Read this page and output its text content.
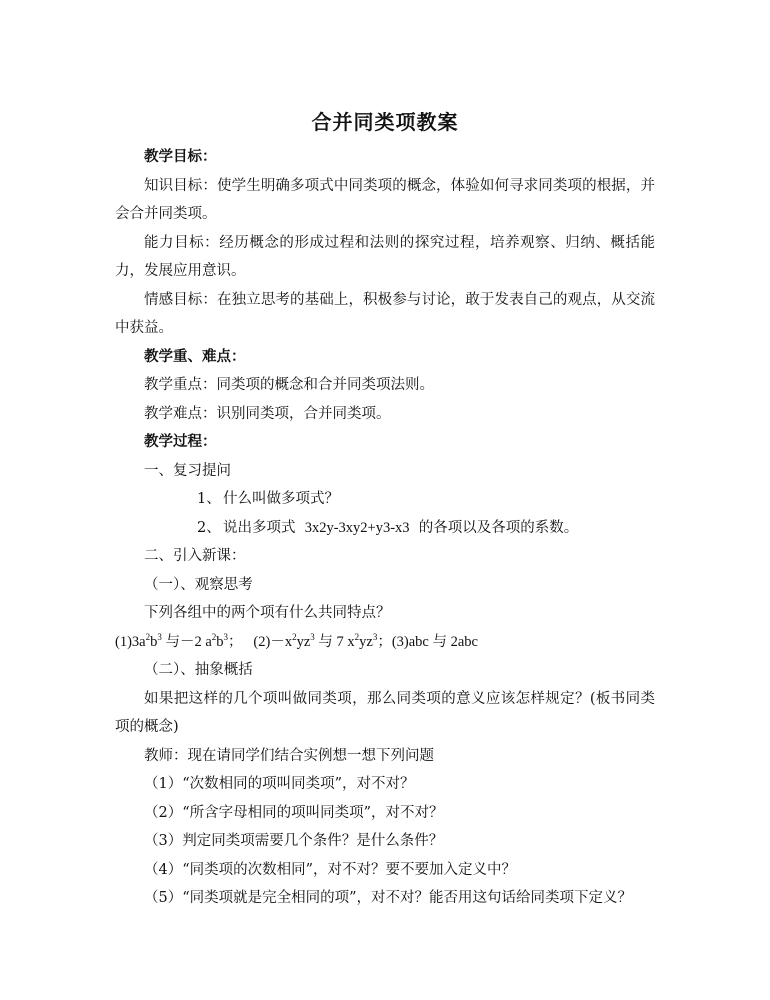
合并同类项教案

教学目标：

知识目标：使学生明确多项式中同类项的概念，体验如何寻求同类项的根据，并会合并同类项。

能力目标：经历概念的形成过程和法则的探究过程，培养观察、归纳、概括能力，发展应用意识。

情感目标：在独立思考的基础上，积极参与讨论，敢于发表自己的观点，从交流中获益。

教学重、难点：

教学重点：同类项的概念和合并同类项法则。

教学难点：识别同类项，合并同类项。

教学过程：

一、复习提问

1、 什么叫做多项式？

2、 说出多项式 3x2y-3xy2+y3-x3 的各项以及各项的系数。

二、引入新课：

（一）、观察思考

下列各组中的两个项有什么共同特点？

$(1)3a^2b^3$ 与－2 $a^2b^3$； $(2)-x^2yz^3$ 与 7 $x^2yz^3$；(3)abc 与 2abc

（二）、抽象概括

如果把这样的几个项叫做同类项，那么同类项的意义应该怎样规定？(板书同类项的概念)

教师：现在请同学们结合实例想一想下列问题

（1）“次数相同的项叫同类项”，对不对？

（2）“所含字母相同的项叫同类项”，对不对？

（3）判定同类项需要几个条件？是什么条件？

（4）“同类项的次数相同”，对不对？要不要加入定义中？

（5）“同类项就是完全相同的项”，对不对？能否用这句话给同类项下定义？
